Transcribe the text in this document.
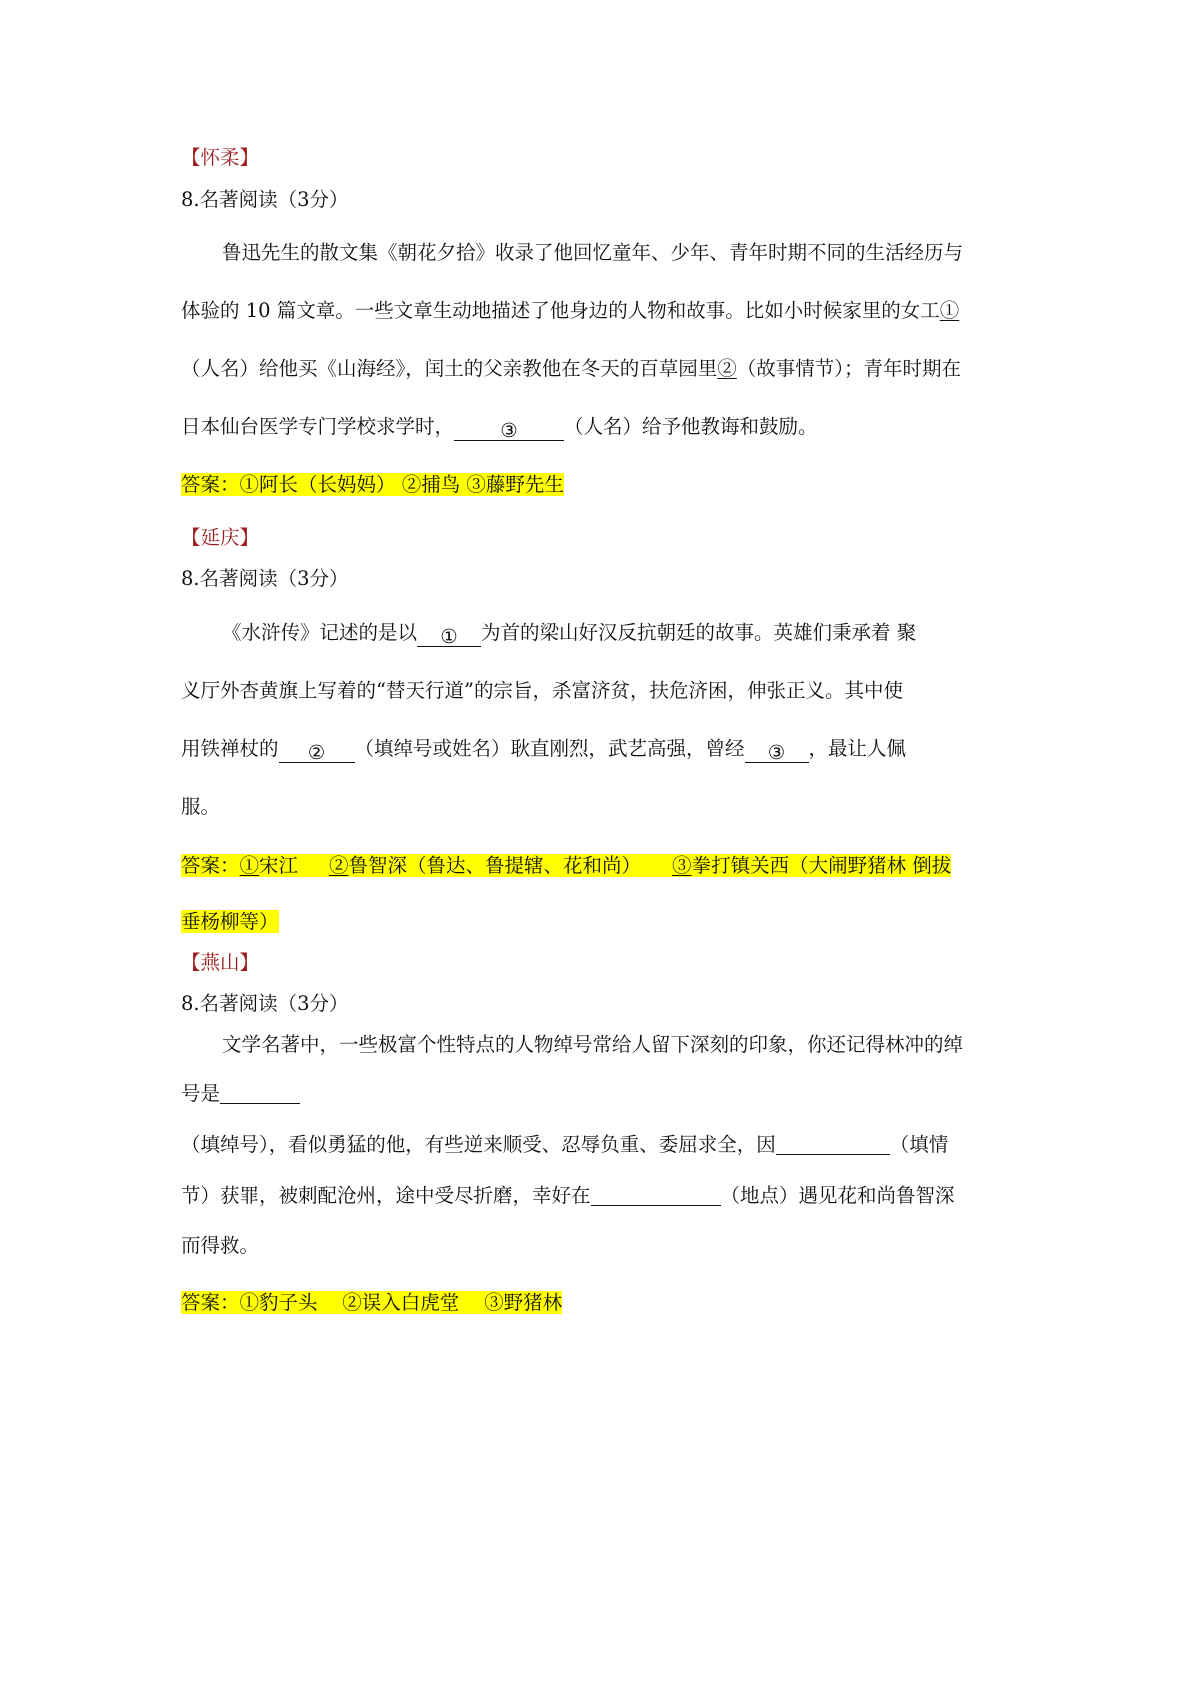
【怀柔】
8.名著阅读（3分）
鲁迅先生的散文集《朝花夕拾》收录了他回忆童年、少年、青年时期不同的生活经历与
体验的 10 篇文章。一些文章生动地描述了他身边的人物和故事。比如小时候家里的女工①
（人名）给他买《山海经》，闰土的父亲教他在冬天的百草园里②（故事情节）；青年时期在
日本仙台医学专门学校求学时， ③ （人名）给予他教诲和鼓励。
答案：①阿长（长妈妈） ②捕鸟 ③藤野先生
【延庆】
8.名著阅读（3分）
《水浒传》记述的是以 ① 为首的梁山好汉反抗朝廷的故事。英雄们秉承着 聚
义厅外杏黄旗上写着的“替天行道”的宗旨，杀富济贫，扶危济困，伸张正义。其中使
用铁禅杖的 ② （填绰号或姓名）耿直刚烈，武艺高强，曾经 ③ ，最让人佩
服。
答案：①宋江     ②鲁智深（鲁达、鲁提辖、花和尚）     ③拳打镇关西（大闹野猪林 倒拔
垂杨柳等）
【燕山】
8.名著阅读（3分）
文学名著中，一些极富个性特点的人物绰号常给人留下深刻的印象，你还记得林冲的绰
号是
（填绰号），看似勇猛的他，有些逆来顺受、忍辱负重、委屈求全，因	（填情
节）获罪，被刺配沧州，途中受尽折磨，幸好在	（地点）遇见花和尚鲁智深
而得救。
答案：①豹子头    ②误入白虎堂    ③野猪林
